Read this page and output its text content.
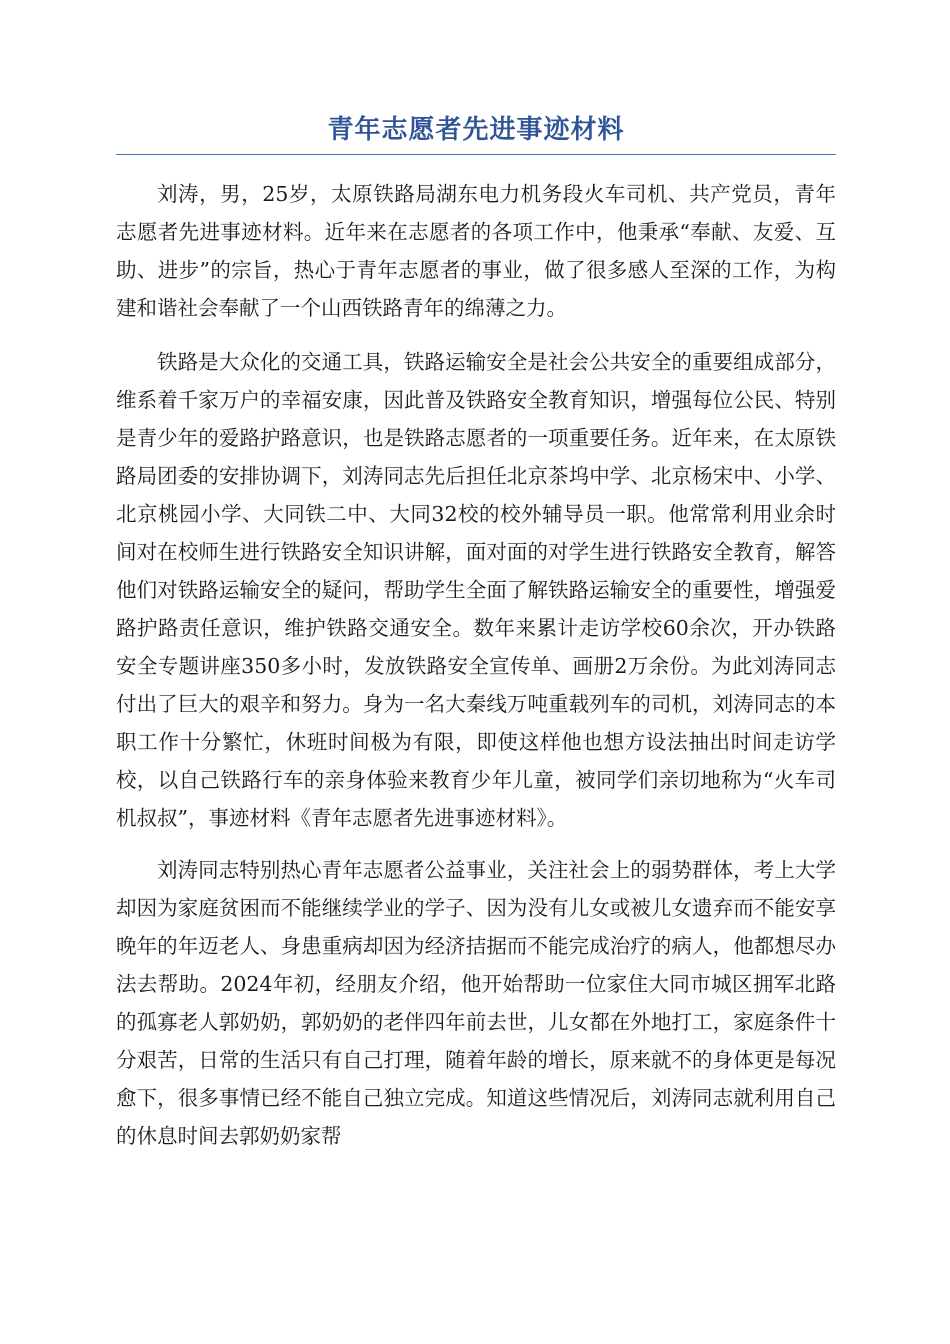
青年志愿者先进事迹材料

刘涛，男，25岁，太原铁路局湖东电力机务段火车司机、共产党员，青年志愿者先进事迹材料。近年来在志愿者的各项工作中，他秉承“奉献、友爱、互助、进步”的宗旨，热心于青年志愿者的事业，做了很多感人至深的工作，为构建和谐社会奉献了一个山西铁路青年的绵薄之力。

铁路是大众化的交通工具，铁路运输安全是社会公共安全的重要组成部分，维系着千家万户的幸福安康，因此普及铁路安全教育知识，增强每位公民、特别是青少年的爱路护路意识，也是铁路志愿者的一项重要任务。近年来，在太原铁路局团委的安排协调下，刘涛同志先后担任北京茶坞中学、北京杨宋中、小学、北京桃园小学、大同铁二中、大同32校的校外辅导员一职。他常常利用业余时间对在校师生进行铁路安全知识讲解，面对面的对学生进行铁路安全教育，解答他们对铁路运输安全的疑问，帮助学生全面了解铁路运输安全的重要性，增强爱路护路责任意识，维护铁路交通安全。数年来累计走访学校60余次，开办铁路安全专题讲座350多小时，发放铁路安全宣传单、画册2万余份。为此刘涛同志付出了巨大的艰辛和努力。身为一名大秦线万吨重载列车的司机，刘涛同志的本职工作十分繁忙，休班时间极为有限，即使这样他也想方设法抽出时间走访学校，以自己铁路行车的亲身体验来教育少年儿童，被同学们亲切地称为“火车司机叔叔”，事迹材料《青年志愿者先进事迹材料》。

刘涛同志特别热心青年志愿者公益事业，关注社会上的弱势群体，考上大学却因为家庭贫困而不能继续学业的学子、因为没有儿女或被儿女遗弃而不能安享晚年的年迈老人、身患重病却因为经济拮据而不能完成治疗的病人，他都想尽办法去帮助。2024年初，经朋友介绍，他开始帮助一位家住大同市城区拥军北路的孤寡老人郭奶奶，郭奶奶的老伴四年前去世，儿女都在外地打工，家庭条件十分艰苦，日常的生活只有自己打理，随着年龄的增长，原来就不的身体更是每况愈下，很多事情已经不能自己独立完成。知道这些情况后，刘涛同志就利用自己的休息时间去郭奶奶家帮
